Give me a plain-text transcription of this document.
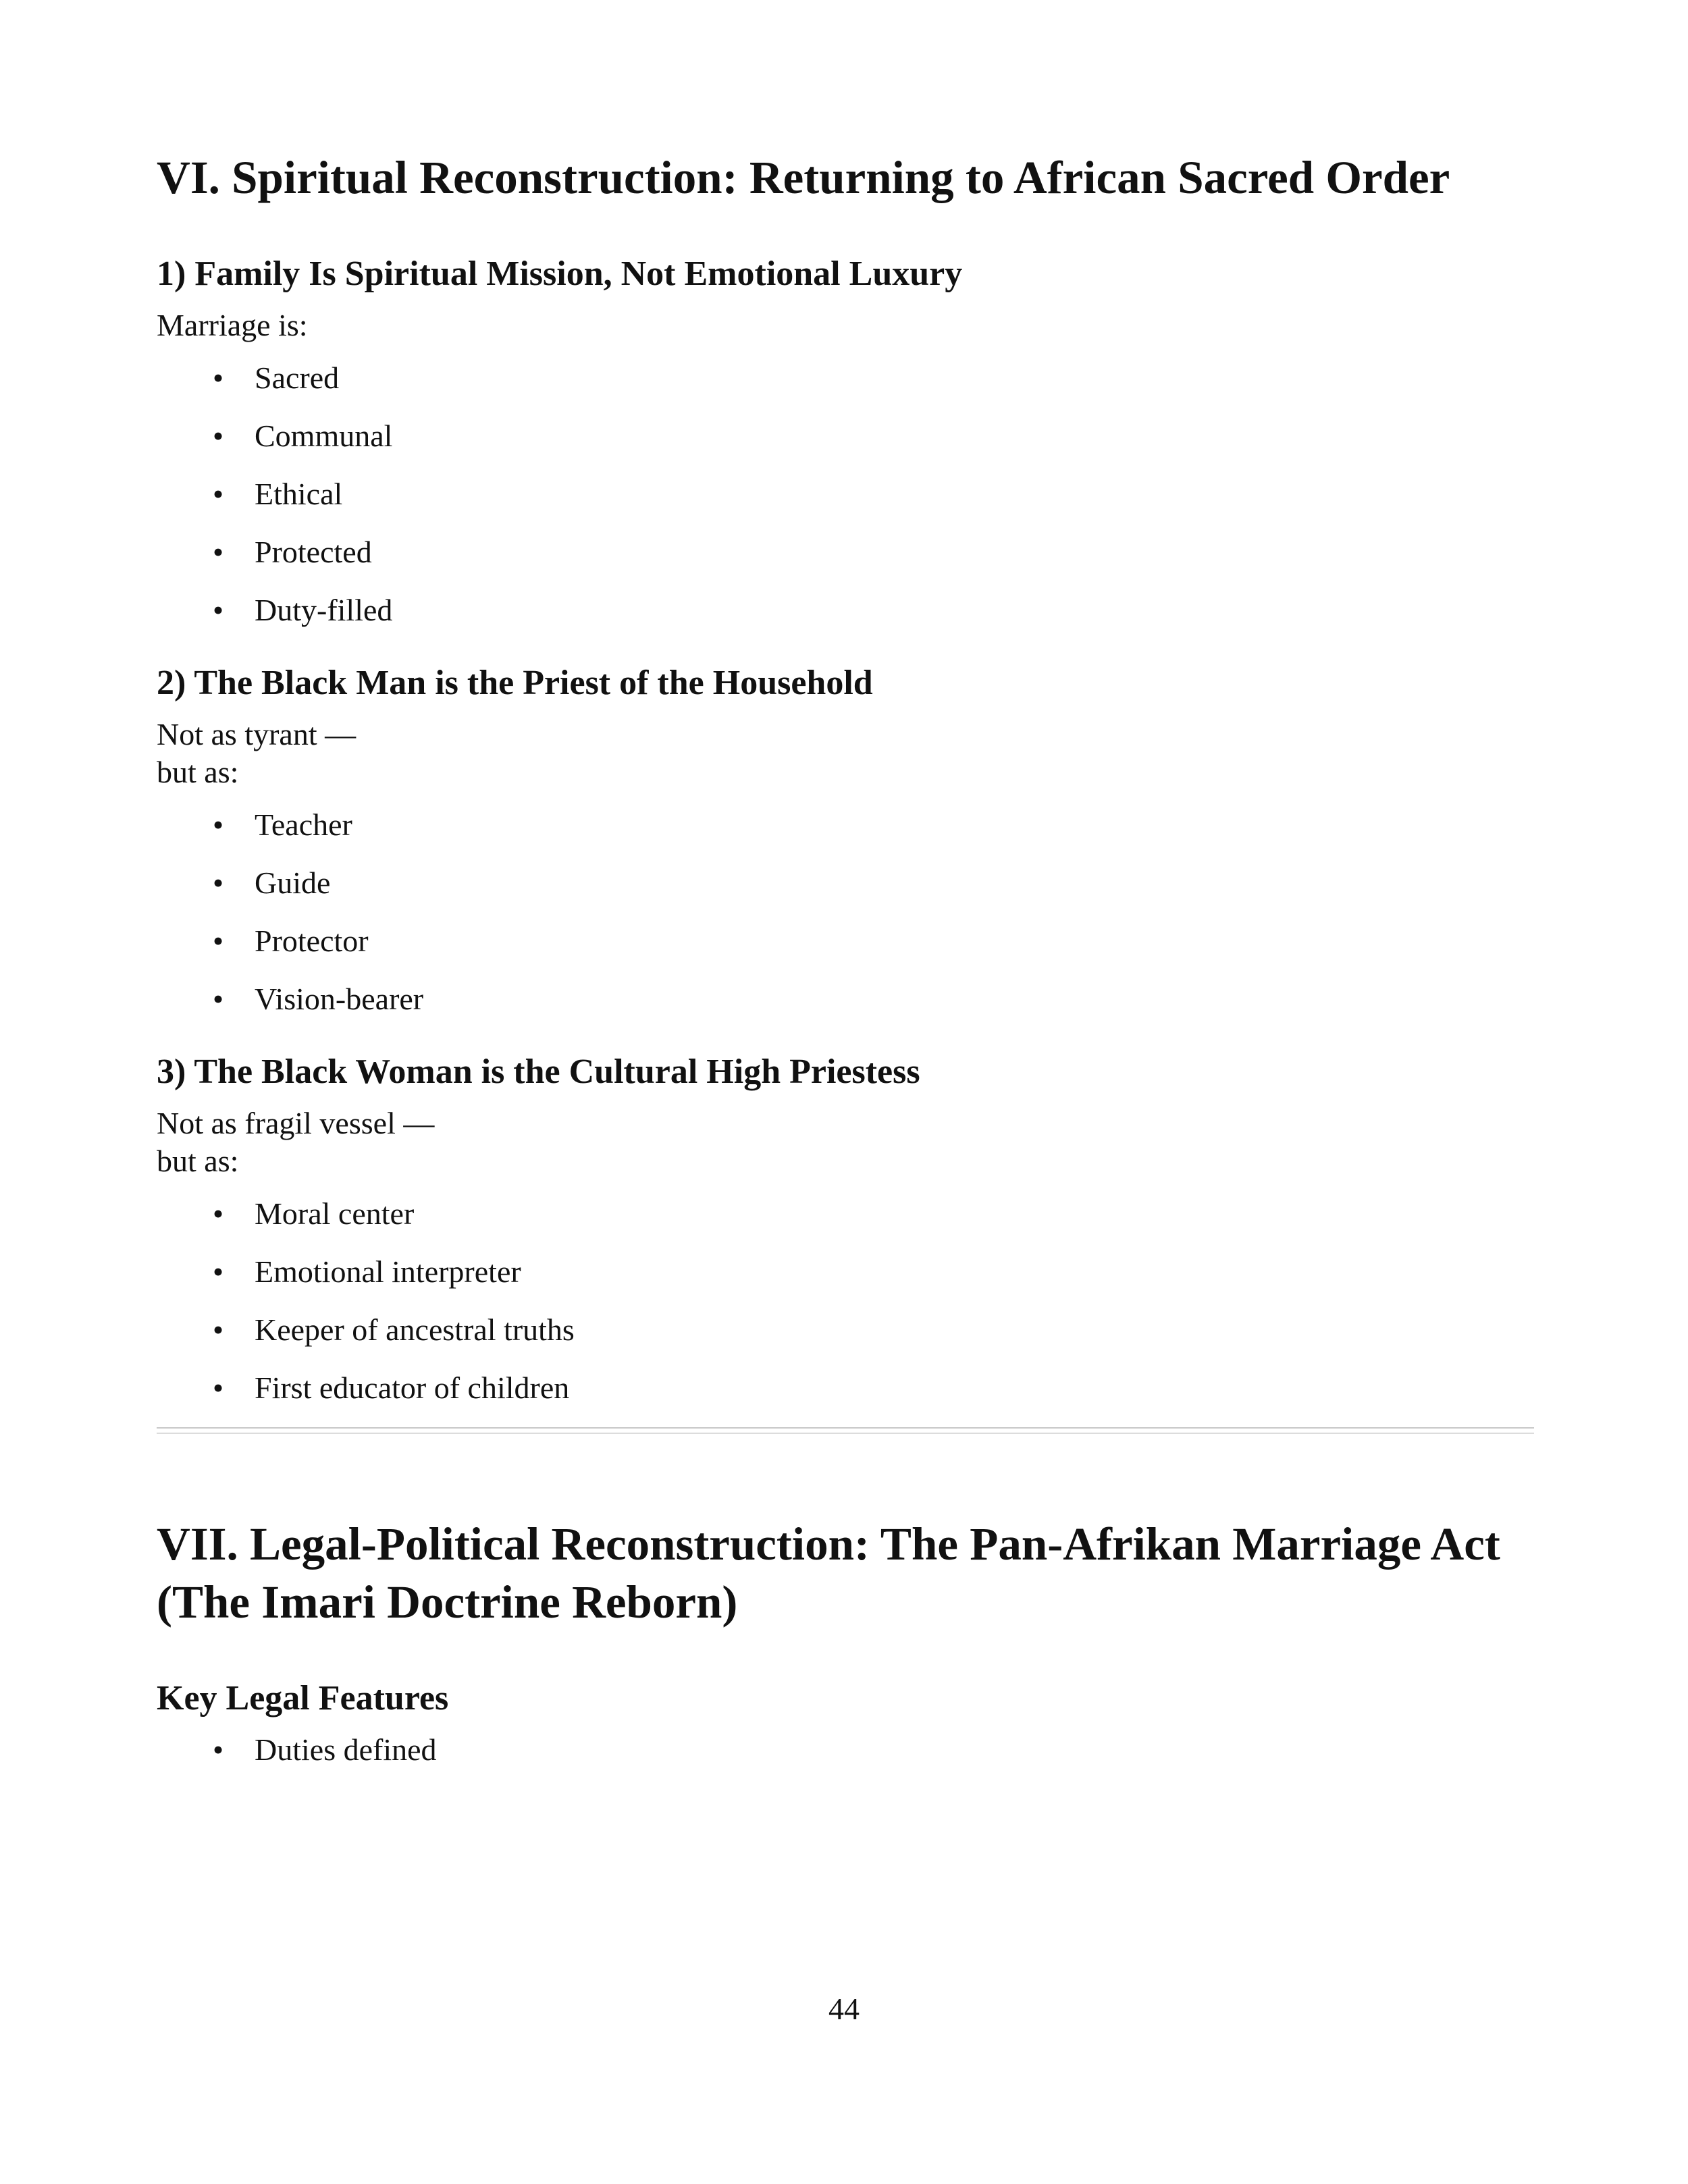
VI. Spiritual Reconstruction: Returning to African Sacred Order
1) Family Is Spiritual Mission, Not Emotional Luxury

Marriage is:

• Sacred
• Communal
• Ethical
• Protected
• Duty-filled
2) The Black Man is the Priest of the Household

Not as tyrant —
but as:

• Teacher
• Guide
• Protector
• Vision-bearer
3) The Black Woman is the Cultural High Priestess

Not as fragil vessel —
but as:

• Moral center
• Emotional interpreter
• Keeper of ancestral truths
• First educator of children
VII. Legal-Political Reconstruction: The Pan-Afrikan Marriage Act (The Imari Doctrine Reborn)
Key Legal Features
• Duties defined
44
